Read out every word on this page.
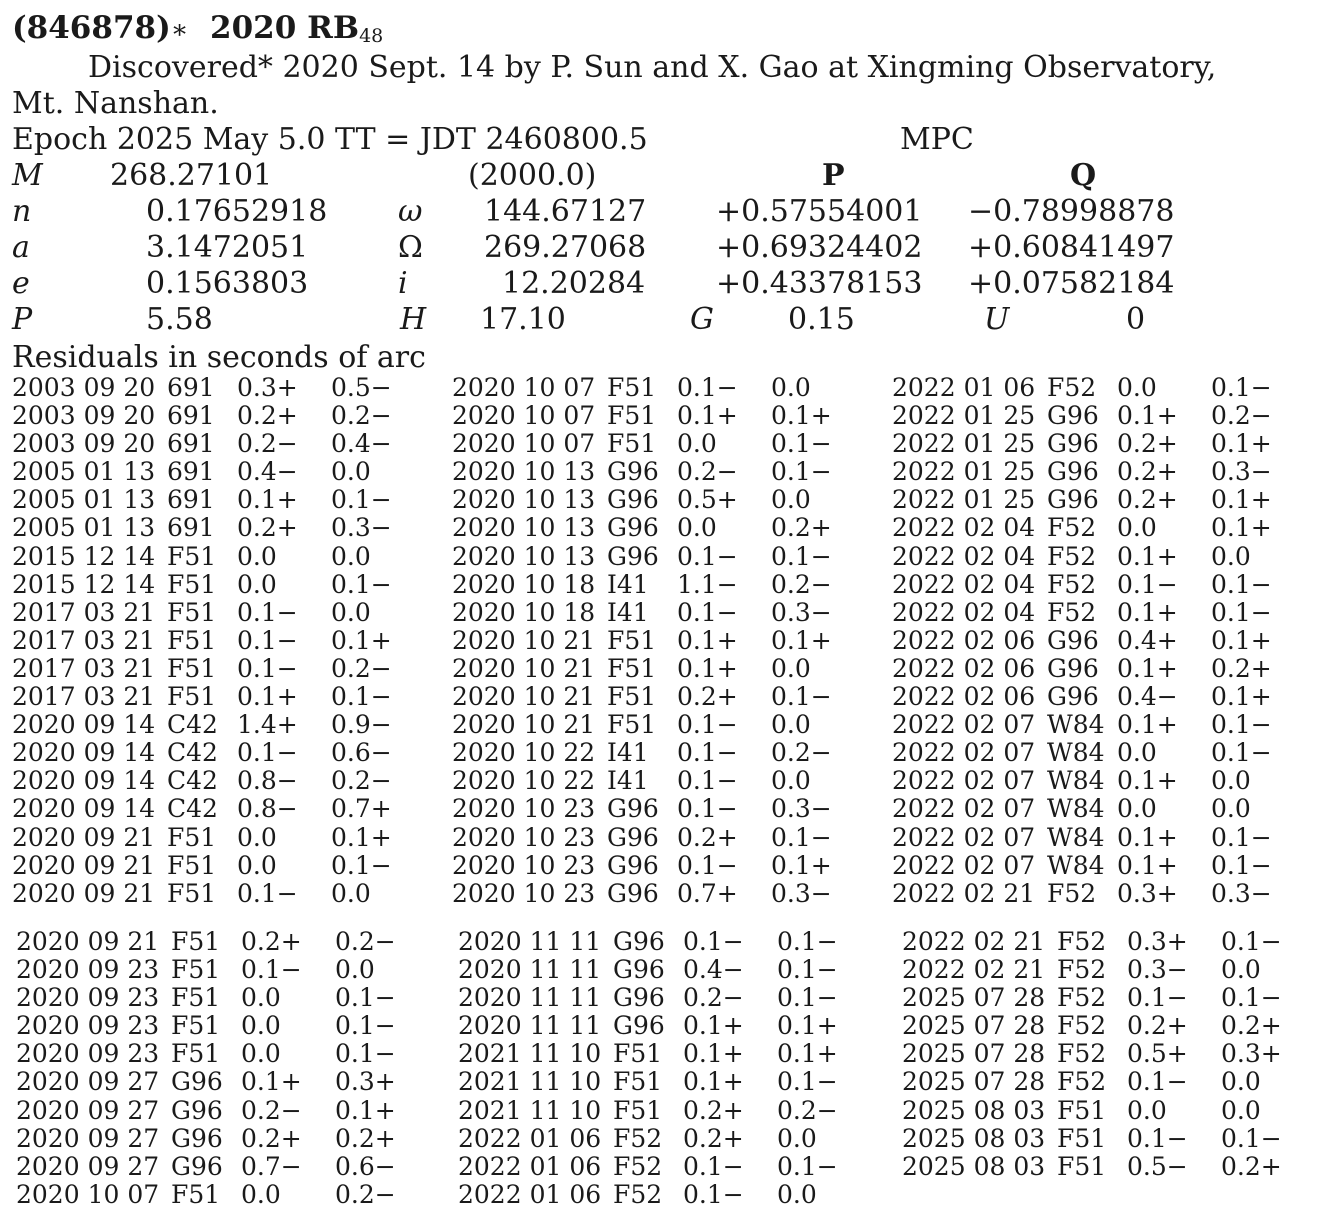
(846878)∗ 2020 $RB_{48}$
Discovered* 2020 Sept. 14 by P. Sun and X. Gao at Xingming Observatory,
Mt. Nanshan.
Epoch 2025 May 5.0 TT = JDT 2460800.5	MPC
M 268.27101	(2000.0)	P	Q
n	0.17652918 ω 144.67127 +0.57554001 −0.78998878
a	3.1472051	Ω 269.27068 +0.69324402 +0.60841497
e	0.1563803	i	12.20284 +0.43378153 +0.07582184
P	5.58	H 17.10	G 0.15	U	0
Residuals in seconds of arc
2003 09 20 691 0.3+ 0.5−
2003 09 20 691 0.2+ 0.2−
2003 09 20 691 0.2− 0.4−
2005 01 13 691 0.4− 0.0
2005 01 13 691 0.1+ 0.1−
2005 01 13 691 0.2+ 0.3−
2015 12 14 F51 0.0 0.0
2015 12 14 F51 0.0 0.1−
2017 03 21 F51 0.1− 0.0
2017 03 21 F51 0.1− 0.1+
2017 03 21 F51 0.1− 0.2−
2017 03 21 F51 0.1+ 0.1−
2020 09 14 C42 1.4+ 0.9−
2020 09 14 C42 0.1− 0.6−
2020 09 14 C42 0.8− 0.2−
2020 09 14 C42 0.8− 0.7+
2020 09 21 F51 0.0 0.1+
2020 09 21 F51 0.0 0.1−
2020 09 21 F51 0.1− 0.0
2020 10 07 F51 0.1− 0.0
2020 10 07 F51 0.1+ 0.1+
2020 10 07 F51 0.0 0.1−
2020 10 13 G96 0.2− 0.1−
2020 10 13 G96 0.5+ 0.0
2020 10 13 G96 0.0 0.2+
2020 10 13 G96 0.1− 0.1−
2020 10 18 I41 1.1− 0.2−
2020 10 18 I41 0.1− 0.3−
2020 10 21 F51 0.1+ 0.1+
2020 10 21 F51 0.1+ 0.0
2020 10 21 F51 0.2+ 0.1−
2020 10 21 F51 0.1− 0.0
2020 10 22 I41 0.1− 0.2−
2020 10 22 I41 0.1− 0.0
2020 10 23 G96 0.1− 0.3−
2020 10 23 G96 0.2+ 0.1−
2020 10 23 G96 0.1− 0.1+
2020 10 23 G96 0.7+ 0.3−
2022 01 06 F52 0.0 0.1−
2022 01 25 G96 0.1+ 0.2−
2022 01 25 G96 0.2+ 0.1+
2022 01 25 G96 0.2+ 0.3−
2022 01 25 G96 0.2+ 0.1+
2022 02 04 F52 0.0 0.1+
2022 02 04 F52 0.1+ 0.0
2022 02 04 F52 0.1− 0.1−
2022 02 04 F52 0.1+ 0.1−
2022 02 06 G96 0.4+ 0.1+
2022 02 06 G96 0.1+ 0.2+
2022 02 06 G96 0.4− 0.1+
2022 02 07 W84 0.1+ 0.1−
2022 02 07 W84 0.0 0.1−
2022 02 07 W84 0.1+ 0.0
2022 02 07 W84 0.0 0.0
2022 02 07 W84 0.1+ 0.1−
2022 02 07 W84 0.1+ 0.1−
2022 02 21 F52 0.3+ 0.3−
2020 09 21 F51 0.2+ 0.2−
2020 09 23 F51 0.1− 0.0
2020 09 23 F51 0.0 0.1−
2020 09 23 F51 0.0 0.1−
2020 09 23 F51 0.0 0.1−
2020 09 27 G96 0.1+ 0.3+
2020 09 27 G96 0.2− 0.1+
2020 09 27 G96 0.2+ 0.2+
2020 09 27 G96 0.7− 0.6−
2020 10 07 F51 0.0 0.2−
2020 11 11 G96 0.1− 0.1−
2020 11 11 G96 0.4− 0.1−
2020 11 11 G96 0.2− 0.1−
2020 11 11 G96 0.1+ 0.1+
2021 11 10 F51 0.1+ 0.1+
2021 11 10 F51 0.1+ 0.1−
2021 11 10 F51 0.2+ 0.2−
2022 01 06 F52 0.2+ 0.0
2022 01 06 F52 0.1− 0.1−
2022 01 06 F52 0.1− 0.0
2022 02 21 F52 0.3+ 0.1−
2022 02 21 F52 0.3− 0.0
2025 07 28 F52 0.1− 0.1−
2025 07 28 F52 0.2+ 0.2+
2025 07 28 F52 0.5+ 0.3+
2025 07 28 F52 0.1− 0.0
2025 08 03 F51 0.0 0.0
2025 08 03 F51 0.1− 0.1−
2025 08 03 F51 0.5− 0.2+
